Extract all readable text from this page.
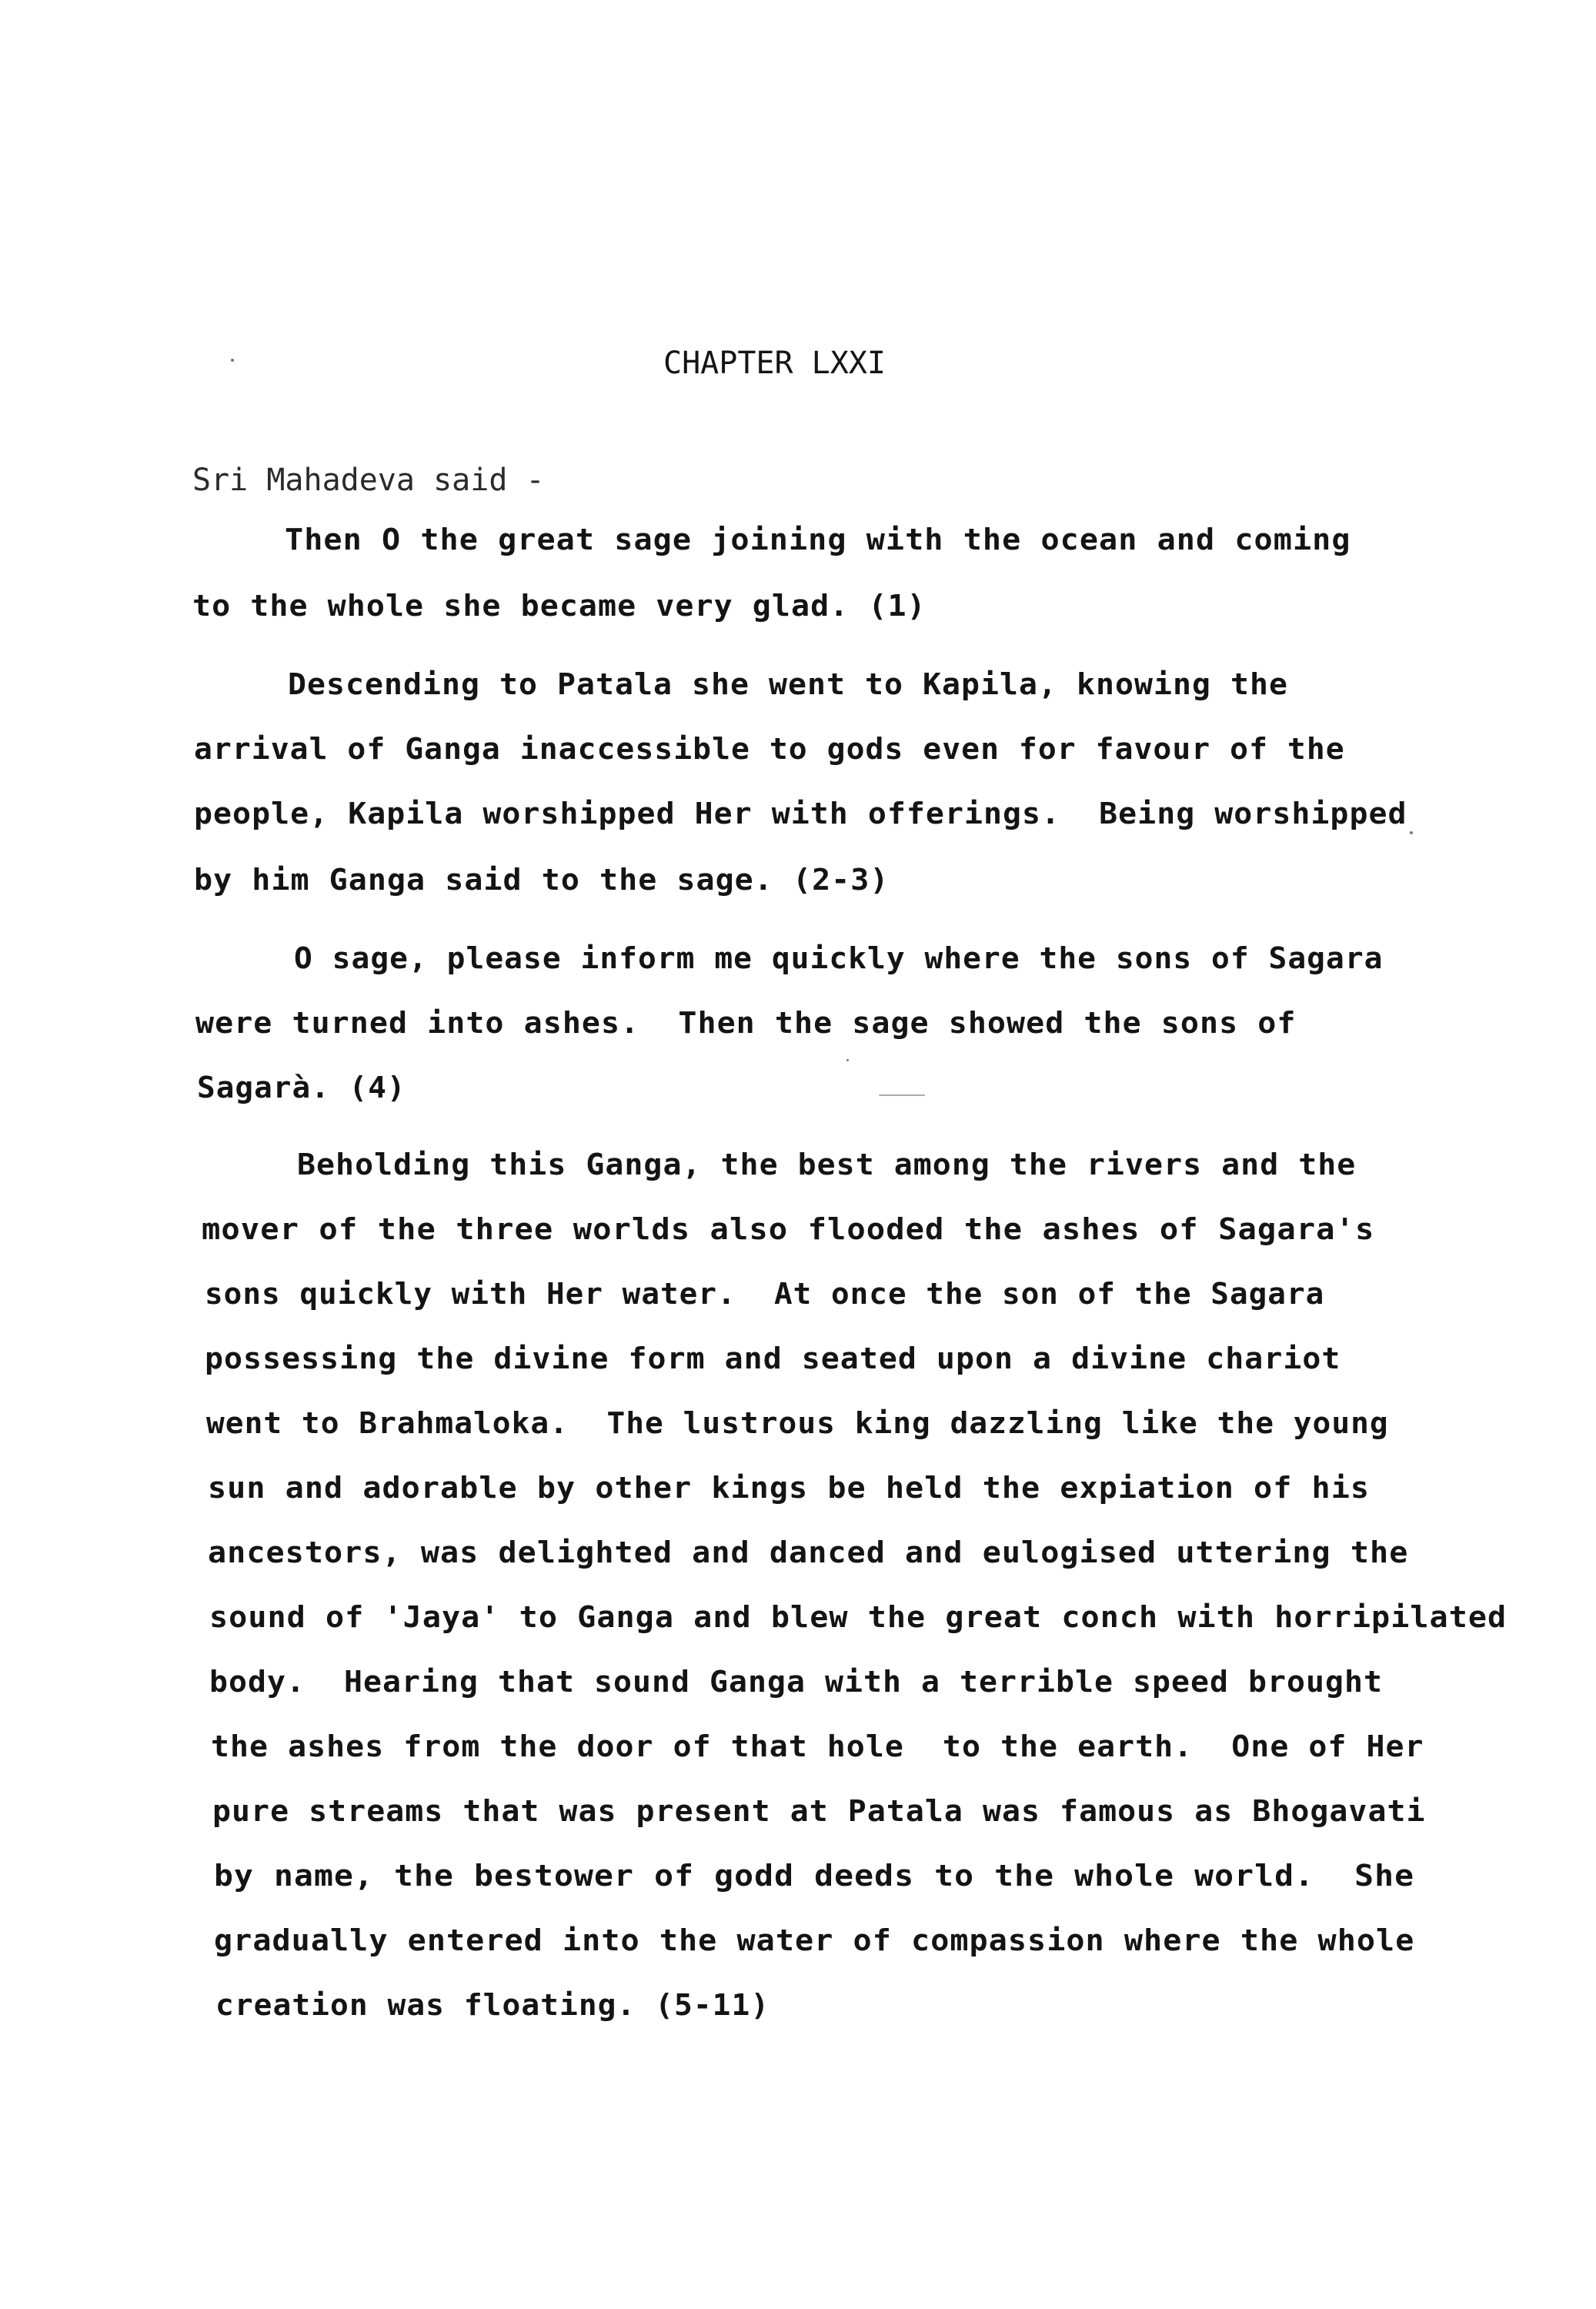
CHAPTER LXXI
Sri Mahadeva said -
Then O the great sage joining with the ocean and coming
to the whole she became very glad. (1)
Descending to Patala she went to Kapila, knowing the
arrival of Ganga inaccessible to gods even for favour of the
people, Kapila worshipped Her with offerings.  Being worshipped
by him Ganga said to the sage. (2-3)
O sage, please inform me quickly where the sons of Sagara
were turned into ashes.  Then the sage showed the sons of
Sagarà. (4)
Beholding this Ganga, the best among the rivers and the
mover of the three worlds also flooded the ashes of Sagara's
sons quickly with Her water.  At once the son of the Sagara
possessing the divine form and seated upon a divine chariot
went to Brahmaloka.  The lustrous king dazzling like the young
sun and adorable by other kings be held the expiation of his
ancestors, was delighted and danced and eulogised uttering the
sound of 'Jaya' to Ganga and blew the great conch with horripilated
body.  Hearing that sound Ganga with a terrible speed brought
the ashes from the door of that hole  to the earth.  One of Her
pure streams that was present at Patala was famous as Bhogavati
by name, the bestower of godd deeds to the whole world.  She
gradually entered into the water of compassion where the whole
creation was floating. (5-11)
